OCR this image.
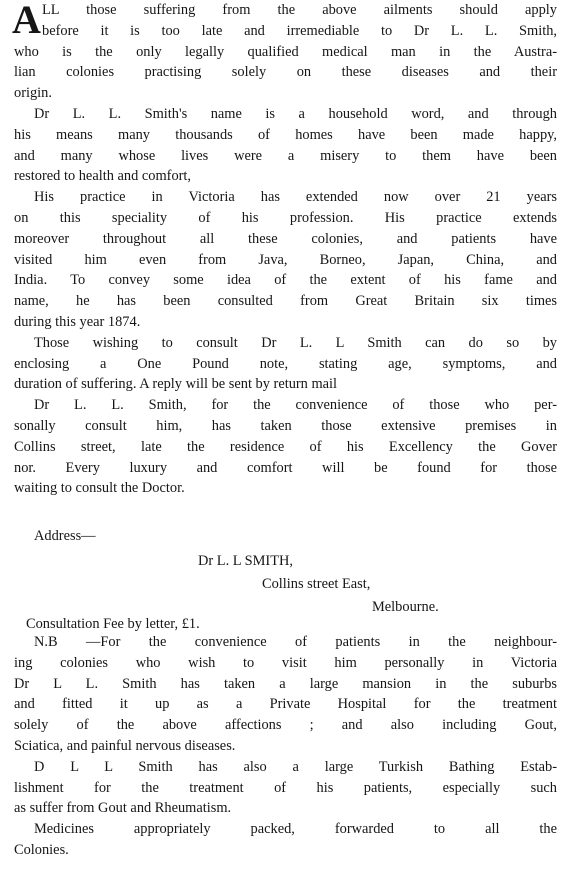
A LL those suffering from the above ailments should apply
before it is too late and irremediable to Dr L. L. Smith,
who is the only legally qualified medical man in the Austra-
lian colonies practising solely on these diseases and their
origin.
Dr L. L. Smith's name is a household word, and through
his means many thousands of homes have been made happy,
and many whose lives were a misery to them have been
restored to health and comfort,
His practice in Victoria has extended now over 21 years
on this speciality of his profession. His practice extends
moreover throughout all these colonies, and patients have
visited him even from Java, Borneo, Japan, China, and
India. To convey some idea of the extent of his fame and
name, he has been consulted from Great Britain six times
during this year 1874.
Those wishing to consult Dr L. L Smith can do so by
enclosing a One Pound note, stating age, symptoms, and
duration of suffering. A reply will be sent by return mail
Dr L. L. Smith, for the convenience of those who per-
sonally consult him, has taken those extensive premises in
Collins street, late the residence of his Excellency the Gover
nor. Every luxury and comfort will be found for those
waiting to consult the Doctor.
N.B —For the convenience of patients in the neighbour-
ing colonies who wish to visit him personally in Victoria
Dr L L. Smith has taken a large mansion in the suburbs
and fitted it up as a Private Hospital for the treatment
solely of the above affections ; and also including Gout,
Sciatica, and painful nervous diseases.
D L L Smith has also a large Turkish Bathing Estab-
lishment for the treatment of his patients, especially such
as suffer from Gout and Rheumatism.
Medicines appropriately packed, forwarded to all the
Colonies.
Address—
Dr L. L SMITH,
Collins street East,
Melbourne.
Consultation Fee by letter, £1.
